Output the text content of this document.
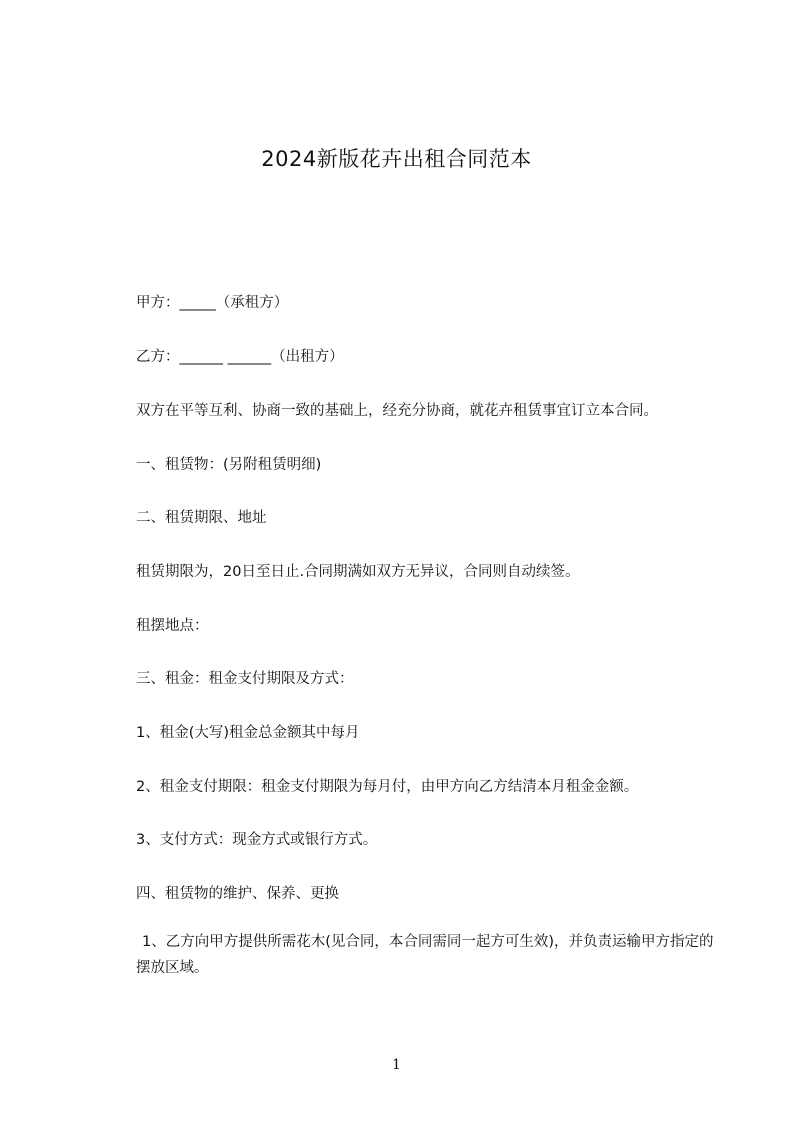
2024新版花卉出租合同范本
甲方：_____（承租方）
乙方：______ ______（出租方）
双方在平等互利、协商一致的基础上，经充分协商，就花卉租赁事宜订立本合同。
一、租赁物：(另附租赁明细)
二、租赁期限、地址
租赁期限为，20日至日止.合同期满如双方无异议，合同则自动续签。
租摆地点：
三、租金：租金支付期限及方式：
1、租金(大写)租金总金额其中每月
2、租金支付期限：租金支付期限为每月付，由甲方向乙方结清本月租金金额。
3、支付方式：现金方式或银行方式。
四、租赁物的维护、保养、更换
1、乙方向甲方提供所需花木(见合同，本合同需同一起方可生效)，并负责运输甲方指定的摆放区域。
1
